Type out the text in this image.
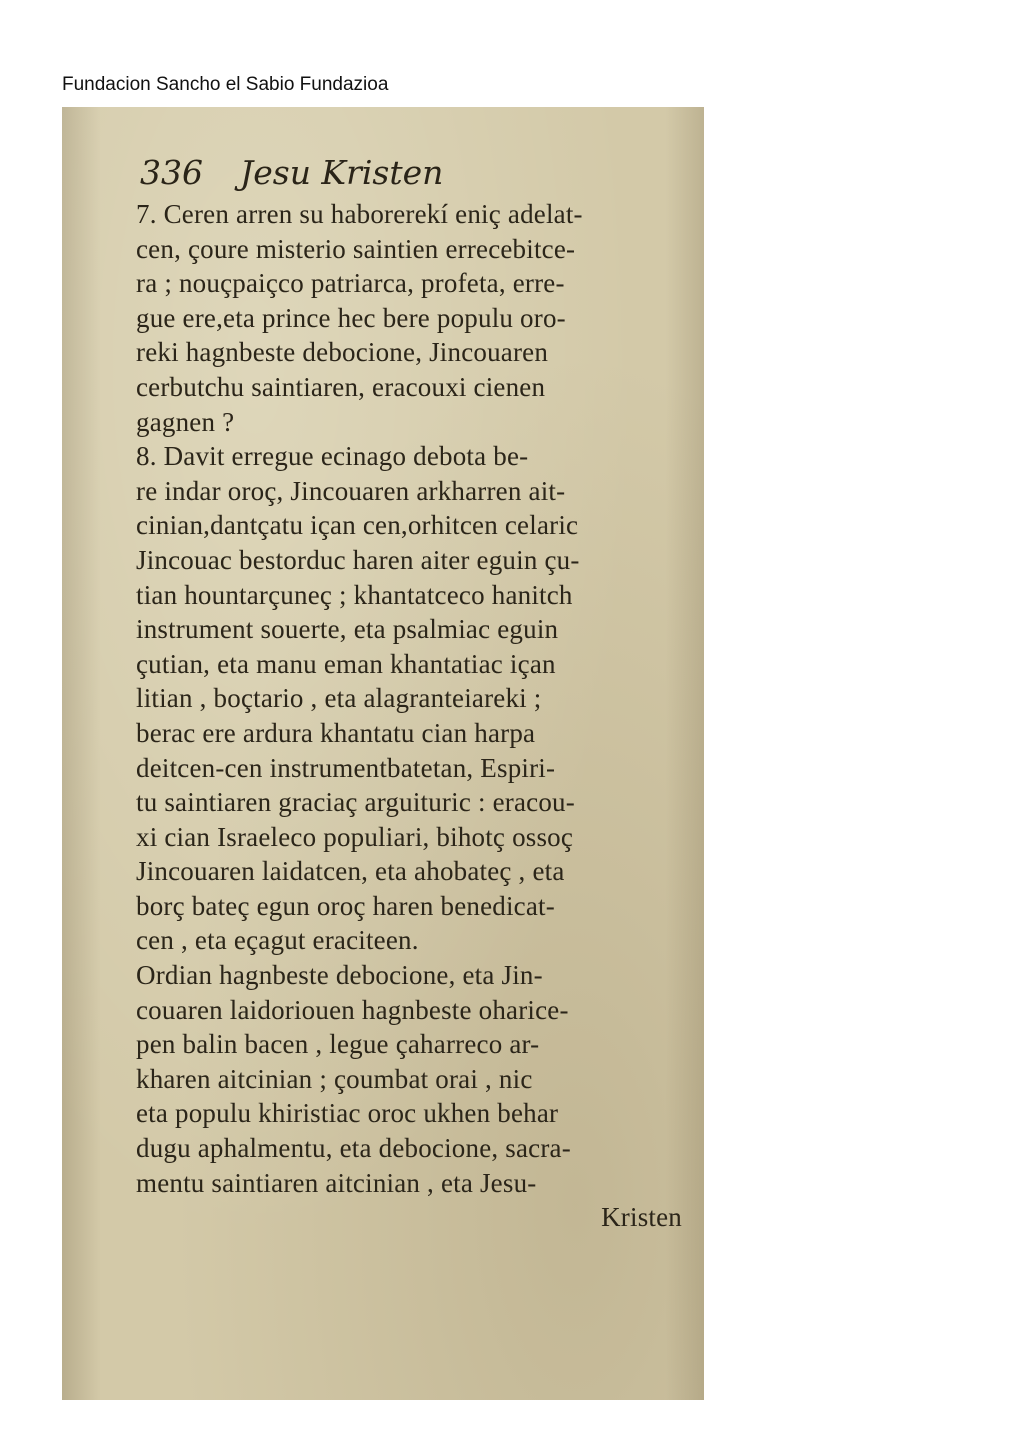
Fundacion Sancho el Sabio Fundazioa
336 Jesu Kristen
7. Ceren arren su haborerekí eniç adelat-
cen, çoure misterio saintien errecebitce-
ra ; nouçpaiçco patriarca, profeta, erre-
gue ere,eta prince hec bere populu oro-
reki hagnbeste debocione, Jincouaren
cerbutchu saintiaren, eracouxi cienen
gagnen ?
8. Davit erregue ecinago debota be-
re indar oroç, Jincouaren arkharren ait-
cinian,dantçatu içan cen,orhitcen celaric
Jincouac bestorduc haren aiter eguin çu-
tian hountarçuneç ; khantatceco hanitch
instrument souerte, eta psalmiac eguin
çutian, eta manu eman khantatiac içan
litian , boçtario , eta alagranteiareki ;
berac ere ardura khantatu cian harpa
deitcen-cen instrumentbatetan, Espiri-
tu saintiaren graciaç arguituric : eracou-
xi cian Israeleco populiari, bihotç ossoç
Jincouaren laidatcen, eta ahobateç , eta
borç bateç egun oroç haren benedicat-
cen , eta eçagut eraciteen.
Ordian hagnbeste debocione, eta Jin-
couaren laidoriouen hagnbeste oharice-
pen balin bacen , legue çaharreco ar-
kharen aitcinian ; çoumbat orai , nic
eta populu khiristiac oroc ukhen behar
dugu aphalmentu, eta debocione, sacra-
mentu saintiaren aitcinian , eta Jesu-
Kristen
